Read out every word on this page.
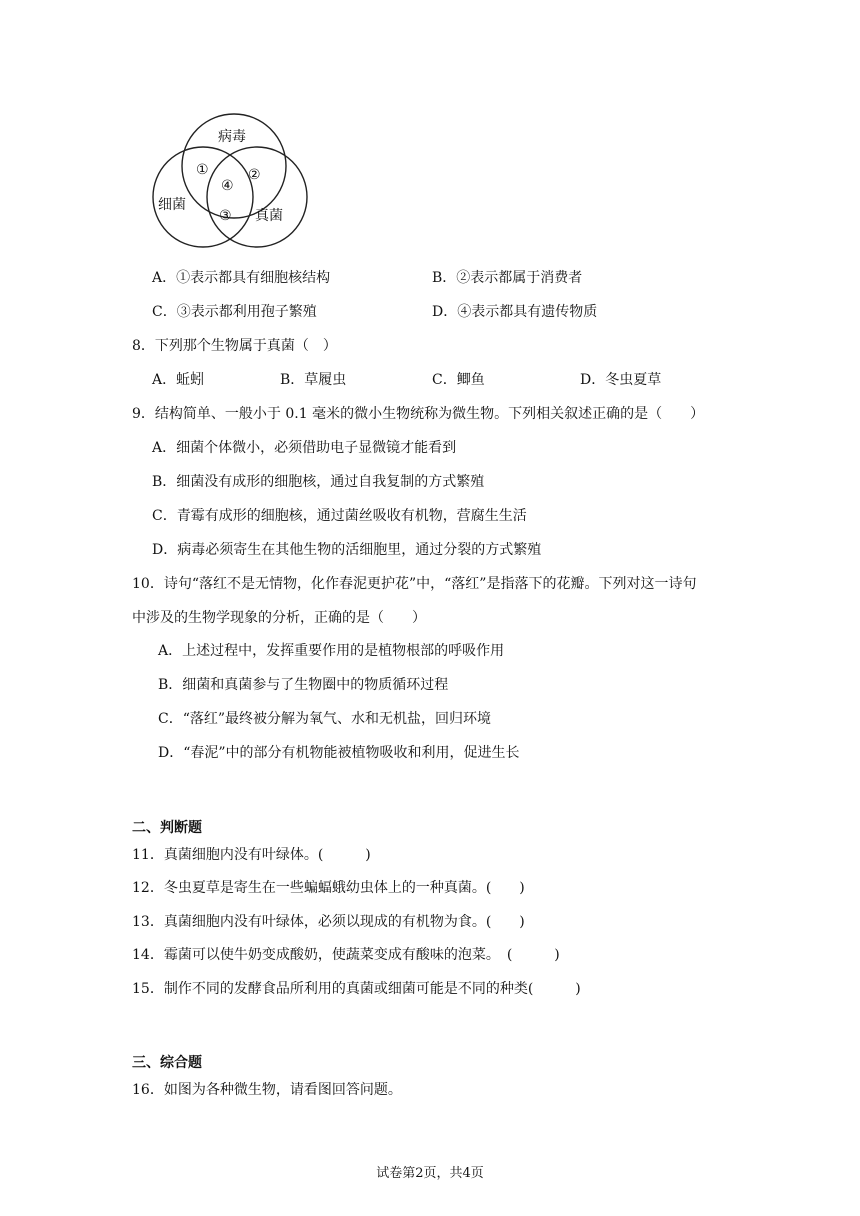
病毒
细菌
真菌
①	②
③
④
A．①表示都具有细胞核结构	B．②表示都属于消费者
C．③表示都利用孢子繁殖	D．④表示都具有遗传物质
8．下列那个生物属于真菌（　）
A．蚯蚓	B．草履虫	C．鲫鱼	D．冬虫夏草
9．结构简单、一般小于 0.1 毫米的微小生物统称为微生物。下列相关叙述正确的是（　　）
A．细菌个体微小，必须借助电子显微镜才能看到
B．细菌没有成形的细胞核，通过自我复制的方式繁殖
C．青霉有成形的细胞核，通过菌丝吸收有机物，营腐生生活
D．病毒必须寄生在其他生物的活细胞里，通过分裂的方式繁殖
10．诗句“落红不是无情物，化作春泥更护花”中，“落红”是指落下的花瓣。下列对这一诗句
中涉及的生物学现象的分析，正确的是（　　）
A．上述过程中，发挥重要作用的是植物根部的呼吸作用
B．细菌和真菌参与了生物圈中的物质循环过程
C．“落红”最终被分解为氧气、水和无机盐，回归环境
D．“春泥”中的部分有机物能被植物吸收和利用，促进生长
二、判断题
11．真菌细胞内没有叶绿体。(　　　)
12．冬虫夏草是寄生在一些蝙蝠蛾幼虫体上的一种真菌。(　　)
13．真菌细胞内没有叶绿体，必须以现成的有机物为食。(　　)
14．霉菌可以使牛奶变成酸奶，使蔬菜变成有酸味的泡菜。　(　　　)
15．制作不同的发酵食品所利用的真菌或细菌可能是不同的种类(　　　)
三、综合题
16．如图为各种微生物，请看图回答问题。
试卷第2页，共4页
